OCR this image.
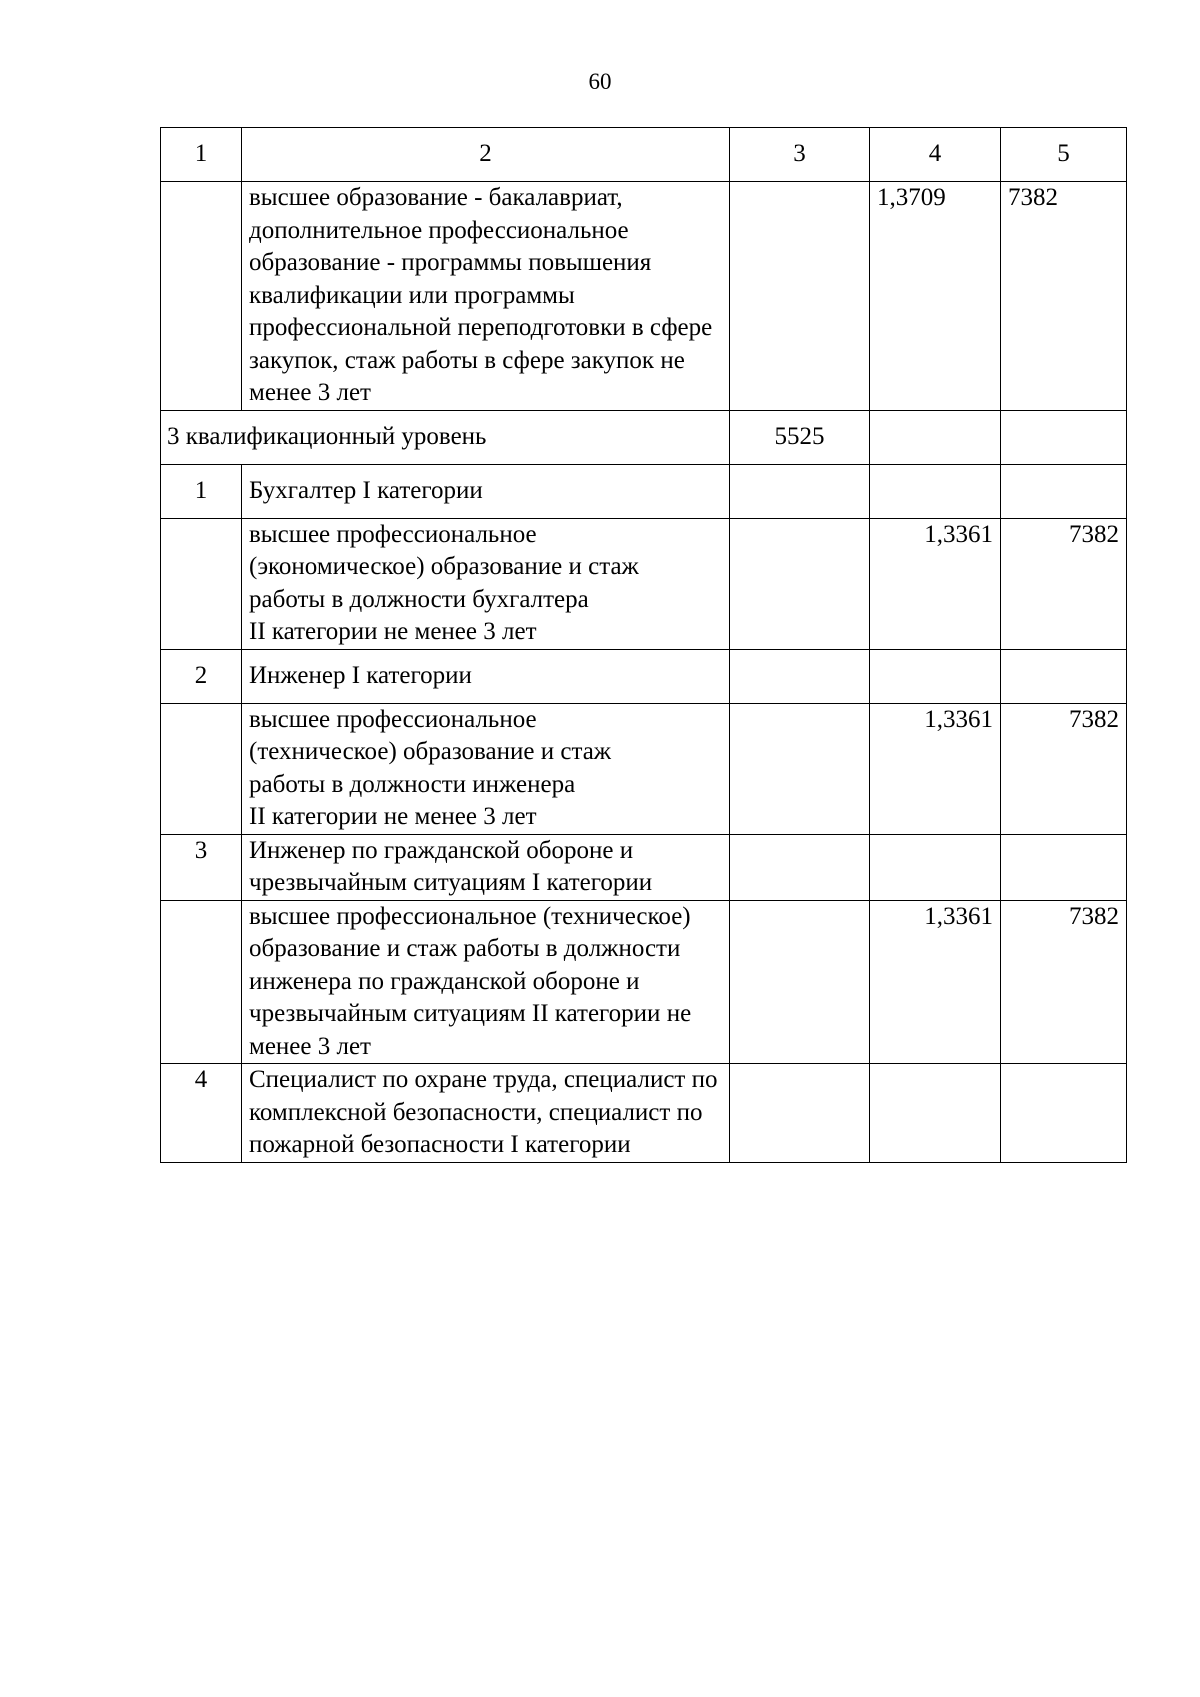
60
1	2	3	4	5
	высшее образование - бакалавриат, дополнительное профессиональное образование - программы повышения квалификации или программы профессиональной переподготовки в сфере закупок, стаж работы в сфере закупок не менее 3 лет		1,3709	7382
3 квалификационный уровень		5525		
1	Бухгалтер I категории			

	высшее профессиональное
(экономическое) образование и стаж
работы в должности бухгалтера
II категории не менее 3 лет		1,3361	7382
2	Инженер I категории			

	высшее профессиональное
(техническое) образование и стаж
работы в должности инженера
II категории не менее 3 лет		1,3361	7382
3	Инженер по гражданской обороне и чрезвычайным ситуациям I категории			
	высшее профессиональное (техническое) образование и стаж работы в должности инженера по гражданской обороне и чрезвычайным ситуациям II категории не менее 3 лет		1,3361	7382
4	Специалист по охране труда, специалист по комплексной безопасности, специалист по пожарной безопасности I категории			
